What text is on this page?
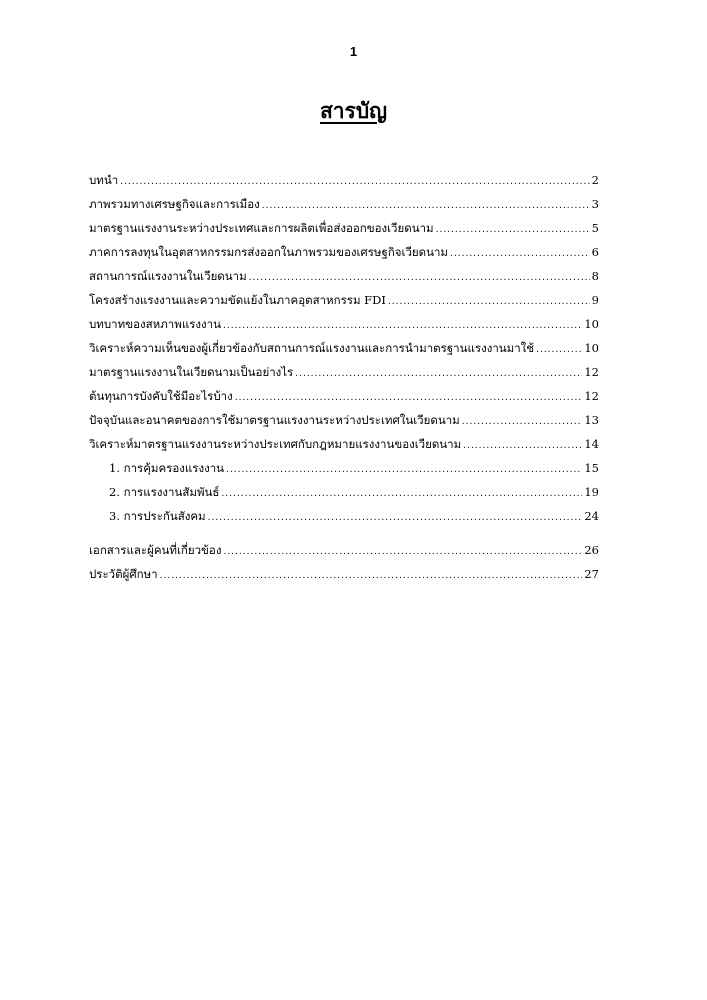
1
สารบัญ
บทนำ .....	2
ภาพรวมทางเศรษฐกิจและการเมือง .....	3
มาตรฐานแรงงานระหว่างประเทศและการผลิตเพื่อส่งออกของเวียดนาม .....	5
ภาคการลงทุนในอุตสาหกรรมกรส่งออกในภาพรวมของเศรษฐกิจเวียดนาม .....	6
สถานการณ์แรงงานในเวียดนาม .....	8
โครงสร้างแรงงานและความขัดแย้งในภาคอุตสาหกรรม FDI .....	9
บทบาทของสหภาพแรงงาน .....	10
วิเคราะห์ความเห็นของผู้เกี่ยวข้องกับสถานการณ์แรงงานและการนำมาตรฐานแรงงานมาใช้ .....	10
มาตรฐานแรงงานในเวียดนามเป็นอย่างไร .....	12
ต้นทุนการบังคับใช้มีอะไรบ้าง .....	12
ปัจจุบันและอนาคตของการใช้มาตรฐานแรงงานระหว่างประเทศในเวียดนาม .....	13
วิเคราะห์มาตรฐานแรงงานระหว่างประเทศกับกฎหมายแรงงานของเวียดนาม .....	14
1. การคุ้มครองแรงงาน .....	15
2. การแรงงานสัมพันธ์ .....	19
3. การประกันสังคม .....	24
เอกสารและผู้คนที่เกี่ยวข้อง .....	26
ประวัติผู้ศึกษา .....	27
